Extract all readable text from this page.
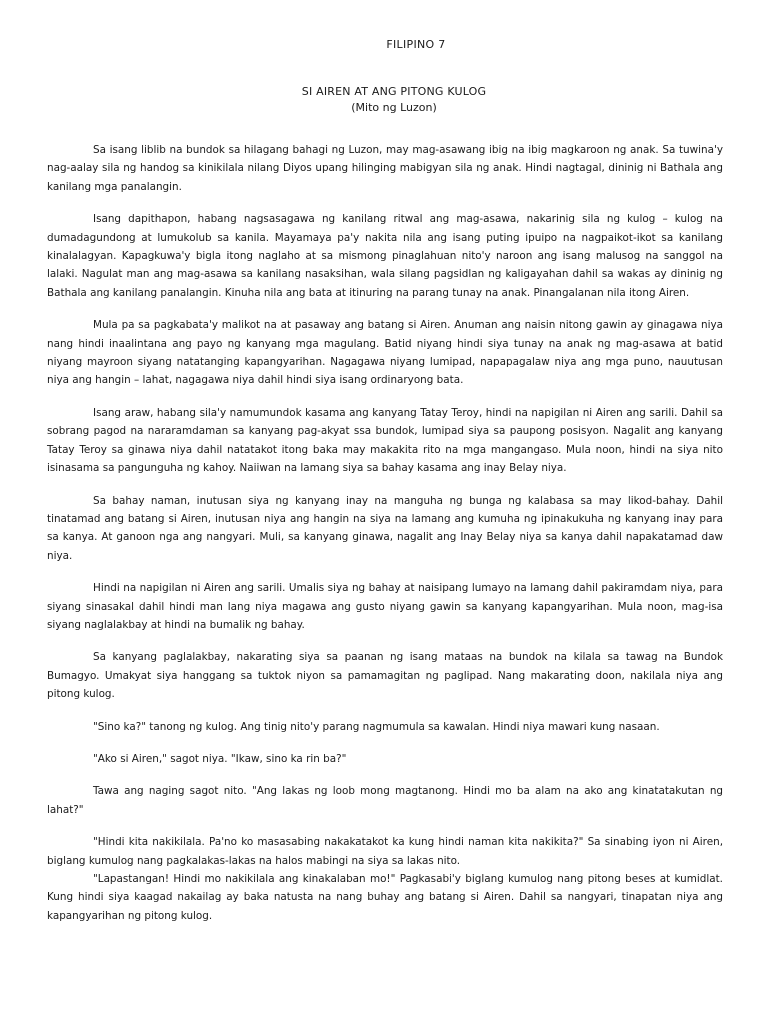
FILIPINO 7
SI AIREN AT ANG PITONG KULOG
(Mito ng Luzon)

Sa isang liblib na bundok sa hilagang bahagi ng Luzon, may mag-asawang ibig na ibig magkaroon ng anak. Sa tuwina'y nag-aalay sila ng handog sa kinikilala nilang Diyos upang hilinging mabigyan sila ng anak. Hindi nagtagal, dininig ni Bathala ang kanilang mga panalangin.

Isang dapithapon, habang nagsasagawa ng kanilang ritwal ang mag-asawa, nakarinig sila ng kulog – kulog na dumadagundong at lumukolub sa kanila. Mayamaya pa'y nakita nila ang isang puting ipuipo na nagpaikot-ikot sa kanilang kinalalagyan. Kapagkuwa'y bigla itong naglaho at sa mismong pinaglahuan nito'y naroon ang isang malusog na sanggol na lalaki. Nagulat man ang mag-asawa sa kanilang nasaksihan, wala silang pagsidlan ng kaligayahan dahil sa wakas ay dininig ng Bathala ang kanilang panalangin. Kinuha nila ang bata at itinuring na parang tunay na anak. Pinangalanan nila itong Airen.

Mula pa sa pagkabata'y malikot na at pasaway ang batang si Airen. Anuman ang naisin nitong gawin ay ginagawa niya nang hindi inaalintana ang payo ng kanyang mga magulang. Batid niyang hindi siya tunay na anak ng mag-asawa at batid niyang mayroon siyang natatanging kapangyarihan. Nagagawa niyang lumipad, napapagalaw niya ang mga puno, nauutusan niya ang hangin – lahat, nagagawa niya dahil hindi siya isang ordinaryong bata.

Isang araw, habang sila'y namumundok kasama ang kanyang Tatay Teroy, hindi na napigilan ni Airen ang sarili. Dahil sa sobrang pagod na nararamdaman sa kanyang pag-akyat ssa bundok, lumipad siya sa paupong posisyon. Nagalit ang kanyang Tatay Teroy sa ginawa niya dahil natatakot itong baka may makakita rito na mga mangangaso. Mula noon, hindi na siya nito isinasama sa pangunguha ng kahoy. Naiiwan na lamang siya sa bahay kasama ang inay Belay niya.

Sa bahay naman, inutusan siya ng kanyang inay na manguha ng bunga ng kalabasa sa may likod-bahay. Dahil tinatamad ang batang si Airen, inutusan niya ang hangin na siya na lamang ang kumuha ng ipinakukuha ng kanyang inay para sa kanya. At ganoon nga ang nangyari. Muli, sa kanyang ginawa, nagalit ang Inay Belay niya sa kanya dahil napakatamad daw niya.

Hindi na napigilan ni Airen ang sarili. Umalis siya ng bahay at naisipang lumayo na lamang dahil pakiramdam niya, para siyang sinasakal dahil hindi man lang niya magawa ang gusto niyang gawin sa kanyang kapangyarihan. Mula noon, mag-isa siyang naglalakbay at hindi na bumalik ng bahay.

Sa kanyang paglalakbay, nakarating siya sa paanan ng isang mataas na bundok na kilala sa tawag na Bundok Bumagyo. Umakyat siya hanggang sa tuktok niyon sa pamamagitan ng paglipad. Nang makarating doon, nakilala niya ang pitong kulog.

"Sino ka?" tanong ng kulog. Ang tinig nito'y parang nagmumula sa kawalan. Hindi niya mawari kung nasaan.

"Ako si Airen," sagot niya. "Ikaw, sino ka rin ba?"

Tawa ang naging sagot nito. "Ang lakas ng loob mong magtanong. Hindi mo ba alam na ako ang kinatatakutan ng lahat?"

"Hindi kita nakikilala. Pa'no ko masasabing nakakatakot ka kung hindi naman kita nakikita?" Sa sinabing iyon ni Airen, biglang kumulog nang pagkalakas-lakas na halos mabingi na siya sa lakas nito.

"Lapastangan! Hindi mo nakikilala ang kinakalaban mo!" Pagkasabi'y biglang kumulog nang pitong beses at kumidlat. Kung hindi siya kaagad nakailag ay baka natusta na nang buhay ang batang si Airen. Dahil sa nangyari, tinapatan niya ang kapangyarihan ng pitong kulog.
